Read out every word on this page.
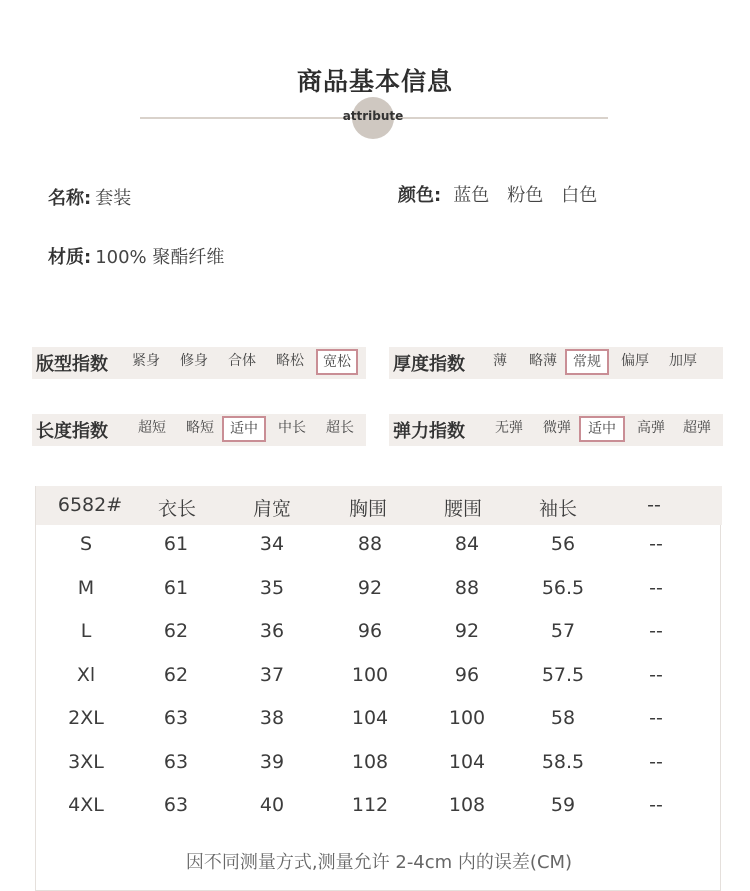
商品基本信息
attribute
名称: 套装	颜色: 蓝色 粉色 白色
材质: 100% 聚酯纤维
版型指数	紧身	修身	合体	略松	宽松	厚度指数	薄	略薄	常规	偏厚	加厚
长度指数	超短	略短	适中	中长	超长	弹力指数	无弹	微弹	适中	高弹	超弹
6582#	衣长	肩宽	胸围	腰围	袖长	--
S	61	34	88	84	56	--
M	61	35	92	88	56.5	--
L	62	36	96	92	57	--
Xl	62	37	100	96	57.5	--
2XL	63	38	104	100	58	--
3XL	63	39	108	104	58.5	--
4XL	63	40	112	108	59	--
因不同测量方式,测量允许 2-4cm 内的误差(CM)
